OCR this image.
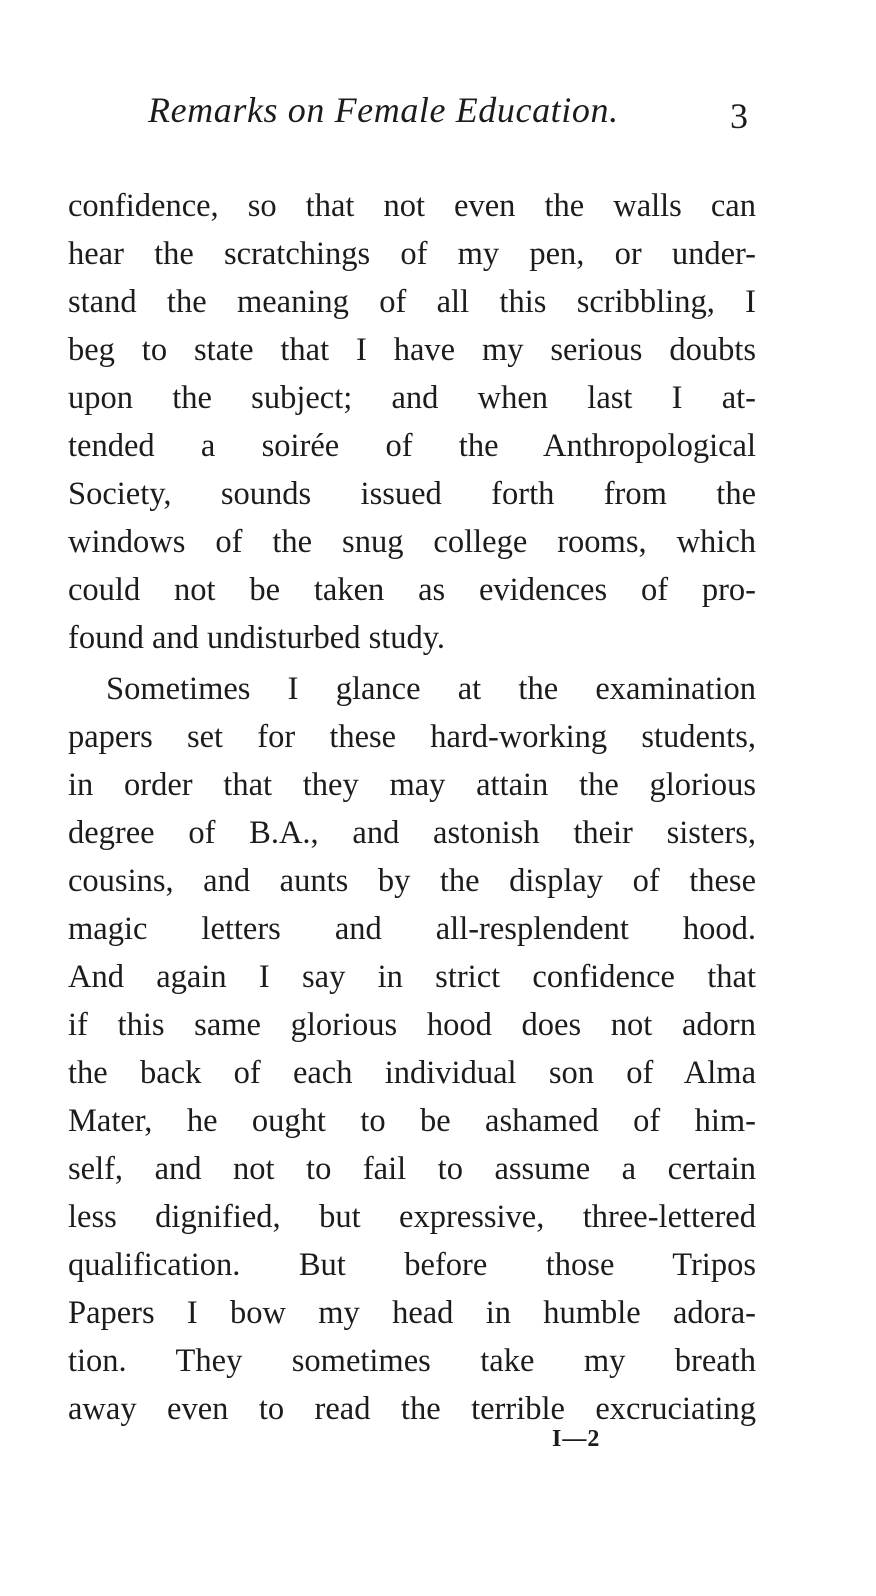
Remarks on Female Education.	3
confidence, so that not even the walls can
hear the scratchings of my pen, or under-
stand the meaning of all this scribbling, I
beg to state that I have my serious doubts
upon the subject; and when last I at-
tended a soirée of the Anthropological
Society, sounds issued forth from the
windows of the snug college rooms, which
could not be taken as evidences of pro-
found and undisturbed study.
Sometimes I glance at the examination
papers set for these hard-working students,
in order that they may attain the glorious
degree of B.A., and astonish their sisters,
cousins, and aunts by the display of these
magic letters and all-resplendent hood.
And again I say in strict confidence that
if this same glorious hood does not adorn
the back of each individual son of Alma
Mater, he ought to be ashamed of him-
self, and not to fail to assume a certain
less dignified, but expressive, three-lettered
qualification. But before those Tripos
Papers I bow my head in humble adora-
tion. They sometimes take my breath
away even to read the terrible excruciating
I—2
